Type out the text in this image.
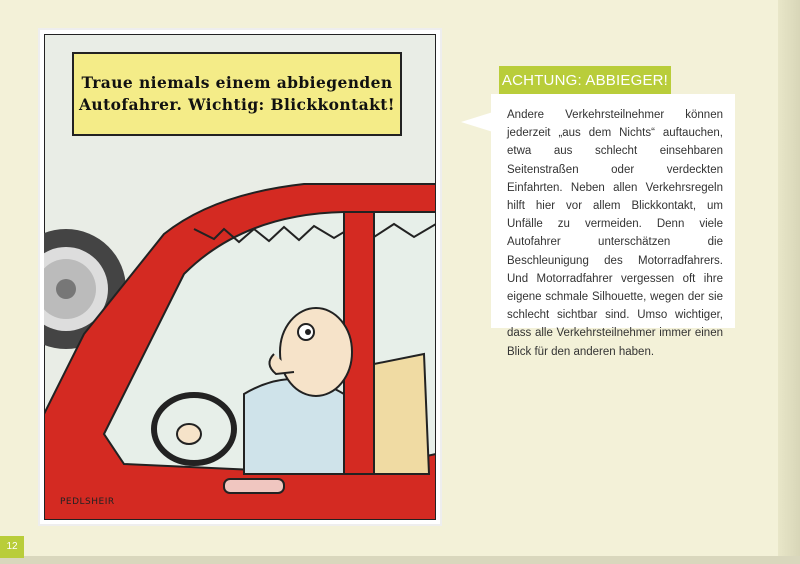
Traue niemals einem abbiegenden
Autofahrer. Wichtig: Blickkontakt!
PEDLSHEIR
ACHTUNG: ABBIEGER!
Andere Verkehrsteilnehmer können jederzeit „aus dem Nichts“ auftauchen, etwa aus schlecht einsehbaren Seitenstraßen oder verdeckten Einfahrten. Neben allen Verkehrsregeln hilft hier vor allem Blickkontakt, um Unfälle zu vermeiden. Denn viele Autofahrer unterschätzen die Beschleunigung des Motorradfahrers. Und Motorradfahrer vergessen oft ihre eigene schmale Silhouette, wegen der sie schlecht sichtbar sind. Umso wichtiger, dass alle Verkehrsteilnehmer immer einen Blick für den anderen haben.
12
